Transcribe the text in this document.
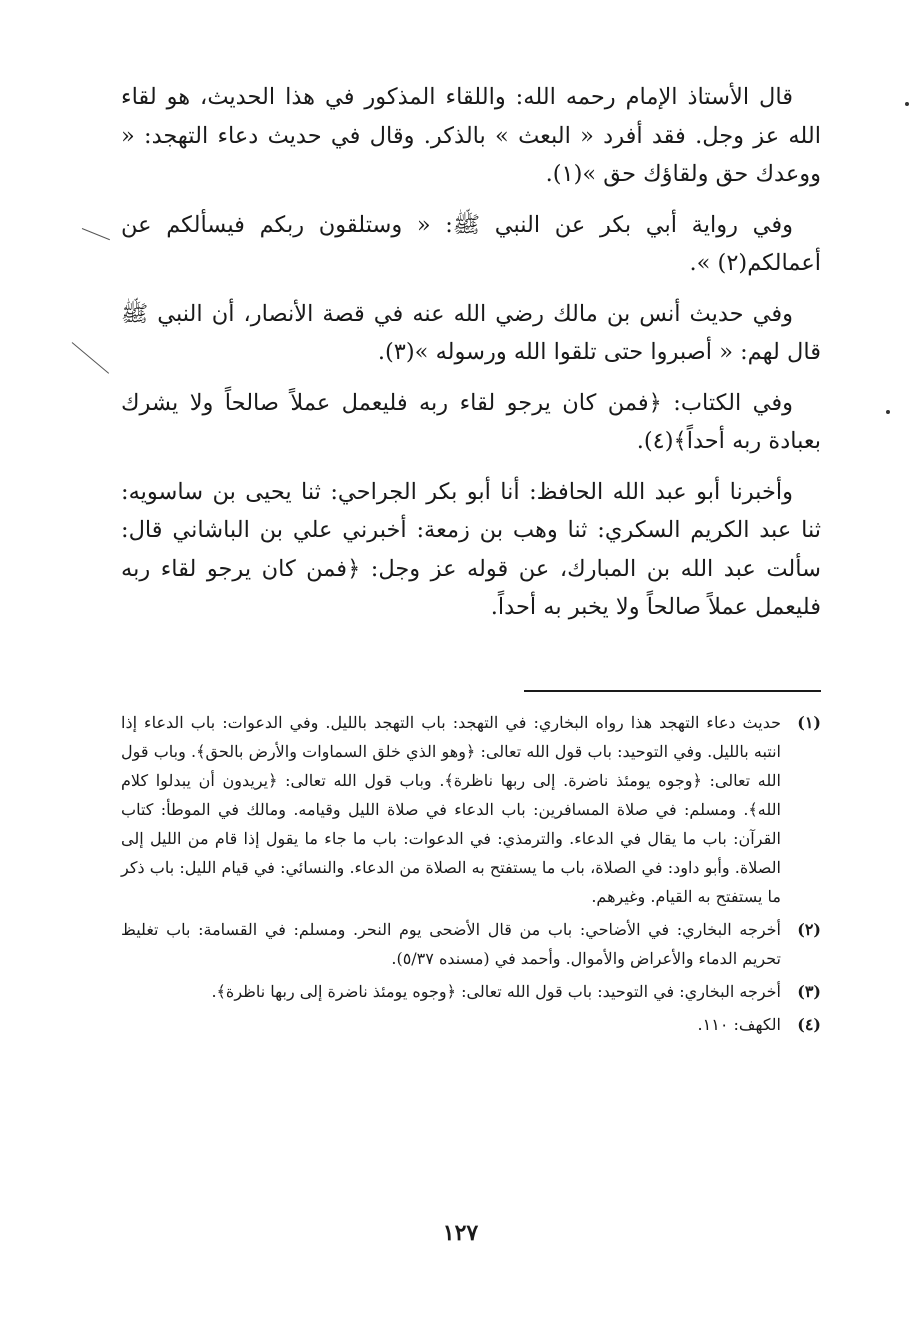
قال الأستاذ الإمام رحمه الله: واللقاء المذكور في هذا الحديث، هو لقاء الله عز وجل. فقد أفرد « البعث » بالذكر. وقال في حديث دعاء التهجد: « ووعدك حق ولقاؤك حق »(١).

وفي رواية أبي بكر عن النبي ﷺ: « وستلقون ربكم فيسألكم عن أعمالكم(٢) ».

وفي حديث أنس بن مالك رضي الله عنه في قصة الأنصار، أن النبي ﷺ قال لهم: « أصبروا حتى تلقوا الله ورسوله »(٣).

وفي الكتاب: ﴿فمن كان يرجو لقاء ربه فليعمل عملاً صالحاً ولا يشرك بعبادة ربه أحداً﴾(٤).

وأخبرنا أبو عبد الله الحافظ: أنا أبو بكر الجراحي: ثنا يحيى بن ساسويه: ثنا عبد الكريم السكري: ثنا وهب بن زمعة: أخبرني علي بن الباشاني قال: سألت عبد الله بن المبارك، عن قوله عز وجل: ﴿فمن كان يرجو لقاء ربه فليعمل عملاً صالحاً ولا يخبر به أحداً.

(١)
حديث دعاء التهجد هذا رواه البخاري: في التهجد: باب التهجد بالليل. وفي الدعوات: باب الدعاء إذا انتبه بالليل. وفي التوحيد: باب قول الله تعالى: ﴿وهو الذي خلق السماوات والأرض بالحق﴾. وباب قول الله تعالى: ﴿وجوه يومئذ ناضرة. إلى ربها ناظرة﴾. وباب قول الله تعالى: ﴿يريدون أن يبدلوا كلام الله﴾. ومسلم: في صلاة المسافرين: باب الدعاء في صلاة الليل وقيامه. ومالك في الموطأ: كتاب القرآن: باب ما يقال في الدعاء. والترمذي: في الدعوات: باب ما جاء ما يقول إذا قام من الليل إلى الصلاة. وأبو داود: في الصلاة، باب ما يستفتح به الصلاة من الدعاء. والنسائي: في قيام الليل: باب ذكر ما يستفتح به القيام. وغيرهم.
(٢)
أخرجه البخاري: في الأضاحي: باب من قال الأضحى يوم النحر. ومسلم: في القسامة: باب تغليظ تحريم الدماء والأعراض والأموال. وأحمد في (مسنده ٥/٣٧).
(٣)
أخرجه البخاري: في التوحيد: باب قول الله تعالى: ﴿وجوه يومئذ ناضرة إلى ربها ناظرة﴾.
(٤)
الكهف: ١١٠.
١٢٧
